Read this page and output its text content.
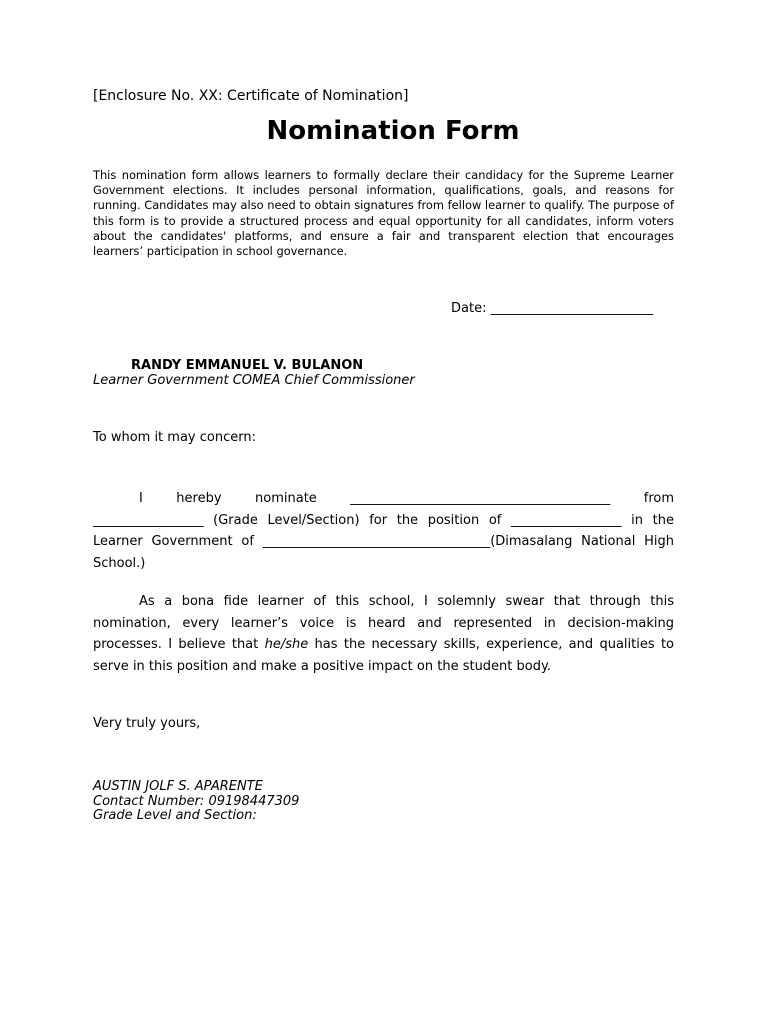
[Enclosure No. XX: Certificate of Nomination]
Nomination Form
This nomination form allows learners to formally declare their candidacy for the Supreme Learner Government elections. It includes personal information, qualifications, goals, and reasons for running. Candidates may also need to obtain signatures from fellow learner to qualify. The purpose of this form is to provide a structured process and equal opportunity for all candidates, inform voters about the candidates' platforms, and ensure a fair and transparent election that encourages learners’ participation in school governance.
Date: _________________________
RANDY EMMANUEL V. BULANON
Learner Government COMEA Chief Commissioner
To whom it may concern:
I hereby nominate ________________________________________ from
_________________ (Grade Level/Section) for the position of _________________ in the
Learner Government of ___________________________________(Dimasalang National High
School.)
As a bona fide learner of this school, I solemnly swear that through this
nomination, every learner’s voice is heard and represented in decision-making
processes. I believe that he/she has the necessary skills, experience, and qualities to
serve in this position and make a positive impact on the student body.
Very truly yours,
AUSTIN JOLF S. APARENTE
Contact Number: 09198447309
Grade Level and Section:
